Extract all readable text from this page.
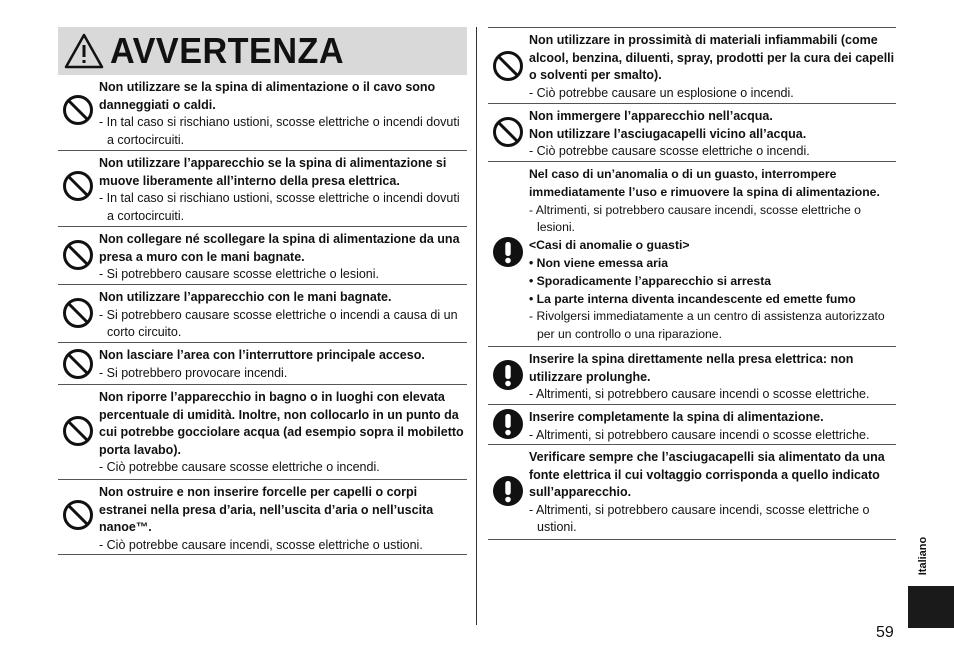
AVVERTENZA
Non utilizzare se la spina di alimentazione o il cavo sono danneggiati o caldi.
- In tal caso si rischiano ustioni, scosse elettriche o incendi dovuti a cortocircuiti.
Non utilizzare l’apparecchio se la spina di alimentazione si muove liberamente all’interno della presa elettrica.
- In tal caso si rischiano ustioni, scosse elettriche o incendi dovuti a cortocircuiti.
Non collegare né scollegare la spina di alimentazione da una presa a muro con le mani bagnate.
- Si potrebbero causare scosse elettriche o lesioni.
Non utilizzare l’apparecchio con le mani bagnate.
- Si potrebbero causare scosse elettriche o incendi a causa di un corto circuito.
Non lasciare l’area con l’interruttore principale acceso.
- Si potrebbero provocare incendi.
Non riporre l’apparecchio in bagno o in luoghi con elevata percentuale di umidità. Inoltre, non collocarlo in un punto da cui potrebbe gocciolare acqua (ad esempio sopra il mobiletto porta lavabo).
- Ciò potrebbe causare scosse elettriche o incendi.
Non ostruire e non inserire forcelle per capelli o corpi estranei nella presa d’aria, nell’uscita d’aria o nell’uscita nanoe™.
- Ciò potrebbe causare incendi, scosse elettriche o ustioni.
Non utilizzare in prossimità di materiali infiammabili (come alcool, benzina, diluenti, spray, prodotti per la cura dei capelli o solventi per smalto).
- Ciò potrebbe causare un esplosione o incendi.
Non immergere l’apparecchio nell’acqua.
Non utilizzare l’asciugacapelli vicino all’acqua.
- Ciò potrebbe causare scosse elettriche o incendi.
Nel caso di un’anomalia o di un guasto, interrompere immediatamente l’uso e rimuovere la spina di alimentazione.
- Altrimenti, si potrebbero causare incendi, scosse elettriche o lesioni.
<Casi di anomalie o guasti>
• Non viene emessa aria
• Sporadicamente l’apparecchio si arresta
• La parte interna diventa incandescente ed emette fumo
- Rivolgersi immediatamente a un centro di assistenza autorizzato per un controllo o una riparazione.
Inserire la spina direttamente nella presa elettrica: non utilizzare prolunghe.
- Altrimenti, si potrebbero causare incendi o scosse elettriche.
Inserire completamente la spina di alimentazione.
- Altrimenti, si potrebbero causare incendi o scosse elettriche.
Verificare sempre che l’asciugacapelli sia alimentato da una fonte elettrica il cui voltaggio corrisponda a quello indicato sull’apparecchio.
- Altrimenti, si potrebbero causare incendi, scosse elettriche o ustioni.
Italiano
59
